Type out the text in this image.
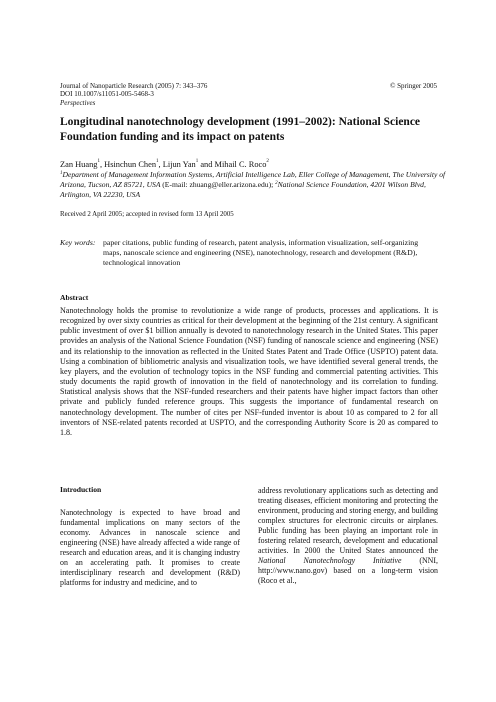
Journal of Nanoparticle Research (2005) 7: 343–376
DOI 10.1007/s11051-005-5468-3
Perspectives
© Springer 2005
Longitudinal nanotechnology development (1991–2002): National Science Foundation funding and its impact on patents
Zan Huang$^1$, Hsinchun Chen$^1$, Lijun Yan$^1$ and Mihail C. Roco$^2$
$^1$Department of Management Information Systems, Artificial Intelligence Lab, Eller College of Management, The University of Arizona, Tucson, AZ 85721, USA (E-mail: zhuang@eller.arizona.edu); $^2$National Science Foundation, 4201 Wilson Blvd, Arlington, VA 22230, USA
Received 2 April 2005; accepted in revised form 13 April 2005
Key words: paper citations, public funding of research, patent analysis, information visualization, self-organizing maps, nanoscale science and engineering (NSE), nanotechnology, research and development (R&D), technological innovation
Abstract
Nanotechnology holds the promise to revolutionize a wide range of products, processes and applications. It is recognized by over sixty countries as critical for their development at the beginning of the 21st century. A significant public investment of over $1 billion annually is devoted to nanotechnology research in the United States. This paper provides an analysis of the National Science Foundation (NSF) funding of nanoscale science and engineering (NSE) and its relationship to the innovation as reflected in the United States Patent and Trade Office (USPTO) patent data. Using a combination of bibliometric analysis and visualization tools, we have identified several general trends, the key players, and the evolution of technology topics in the NSF funding and commercial patenting activities. This study documents the rapid growth of innovation in the field of nanotechnology and its correlation to funding. Statistical analysis shows that the NSF-funded researchers and their patents have higher impact factors than other private and publicly funded reference groups. This suggests the importance of fundamental research on nanotechnology development. The number of cites per NSF-funded inventor is about 10 as compared to 2 for all inventors of NSE-related patents recorded at USPTO, and the corresponding Authority Score is 20 as compared to 1.8.
Introduction
Nanotechnology is expected to have broad and fundamental implications on many sectors of the economy. Advances in nanoscale science and engineering (NSE) have already affected a wide range of research and education areas, and it is changing industry on an accelerating path. It promises to create interdisciplinary research and development (R&D) platforms for industry and medicine, and to
address revolutionary applications such as detecting and treating diseases, efficient monitoring and protecting the environment, producing and storing energy, and building complex structures for electronic circuits or airplanes. Public funding has been playing an important role in fostering related research, development and educational activities. In 2000 the United States announced the National Nanotechnology Initiative (NNI, http://www.nano.gov) based on a long-term vision (Roco et al.,
